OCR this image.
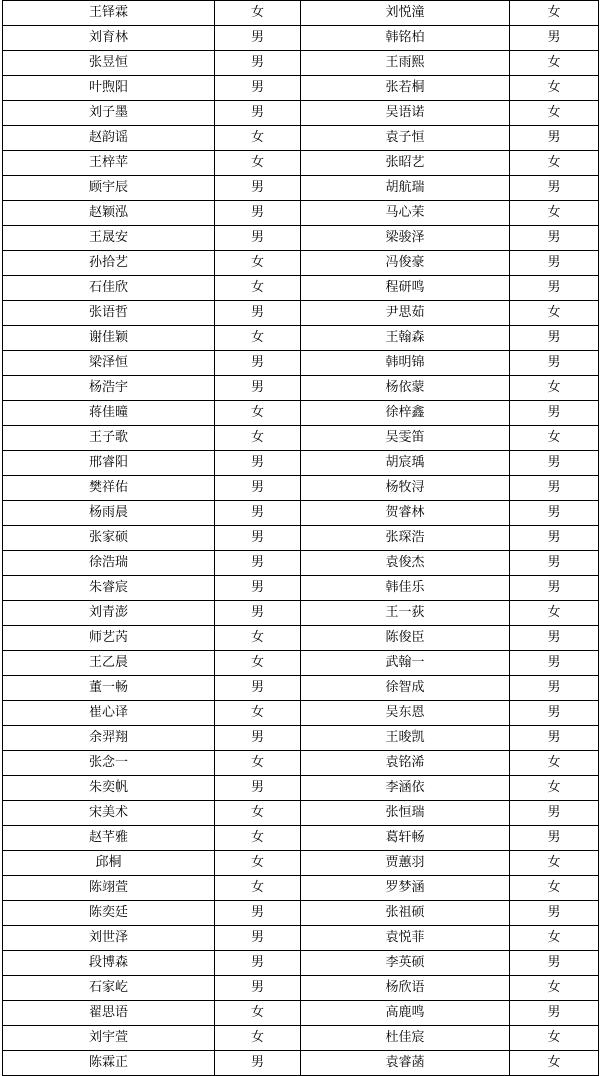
王铎霖	女	刘悦潼	女
刘育林	男	韩铭柏	男
张昱恒	男	王雨熙	女
叶煦阳	男	张若桐	女
刘子墨	男	吴语诺	女
赵韵谣	女	袁子恒	男
王梓苹	女	张昭艺	女
顾宇辰	男	胡航瑞	男
赵颖泓	男	马心茉	女
王晟安	男	梁骏泽	男
孙拾艺	女	冯俊豪	男
石佳欣	女	程研鸣	男
张语哲	男	尹思茹	女
谢佳颖	女	王翰森	男
梁泽恒	男	韩明锦	男
杨浩宇	男	杨依蒙	女
蒋佳曈	女	徐梓鑫	男
王子歌	女	吴雯笛	女
邢睿阳	男	胡宸瑀	男
樊祥佑	男	杨牧浔	男
杨雨晨	男	贺睿林	男
张家硕	男	张琛浩	男
徐浩瑞	男	袁俊杰	男
朱睿宸	男	韩佳乐	男
刘青澎	男	王一荻	女
师艺芮	女	陈俊臣	男
王乙晨	女	武翰一	男
董一畅	男	徐智成	男
崔心译	女	吴东恩	男
余羿翔	男	王晙凯	男
张念一	女	袁铭浠	女
朱奕帆	男	李涵依	女
宋美术	女	张恒瑞	男
赵芊雅	女	葛轩畅	男
邱桐	女	贾蕙羽	女
陈翊萱	女	罗梦涵	女
陈奕廷	男	张祖硕	男
刘世泽	男	袁悦菲	女
段博森	男	李英硕	男
石家屹	男	杨欣语	女
翟思语	女	高鹿鸣	男
刘宇萱	女	杜佳宸	女
陈霖正	男	袁睿菡	女
